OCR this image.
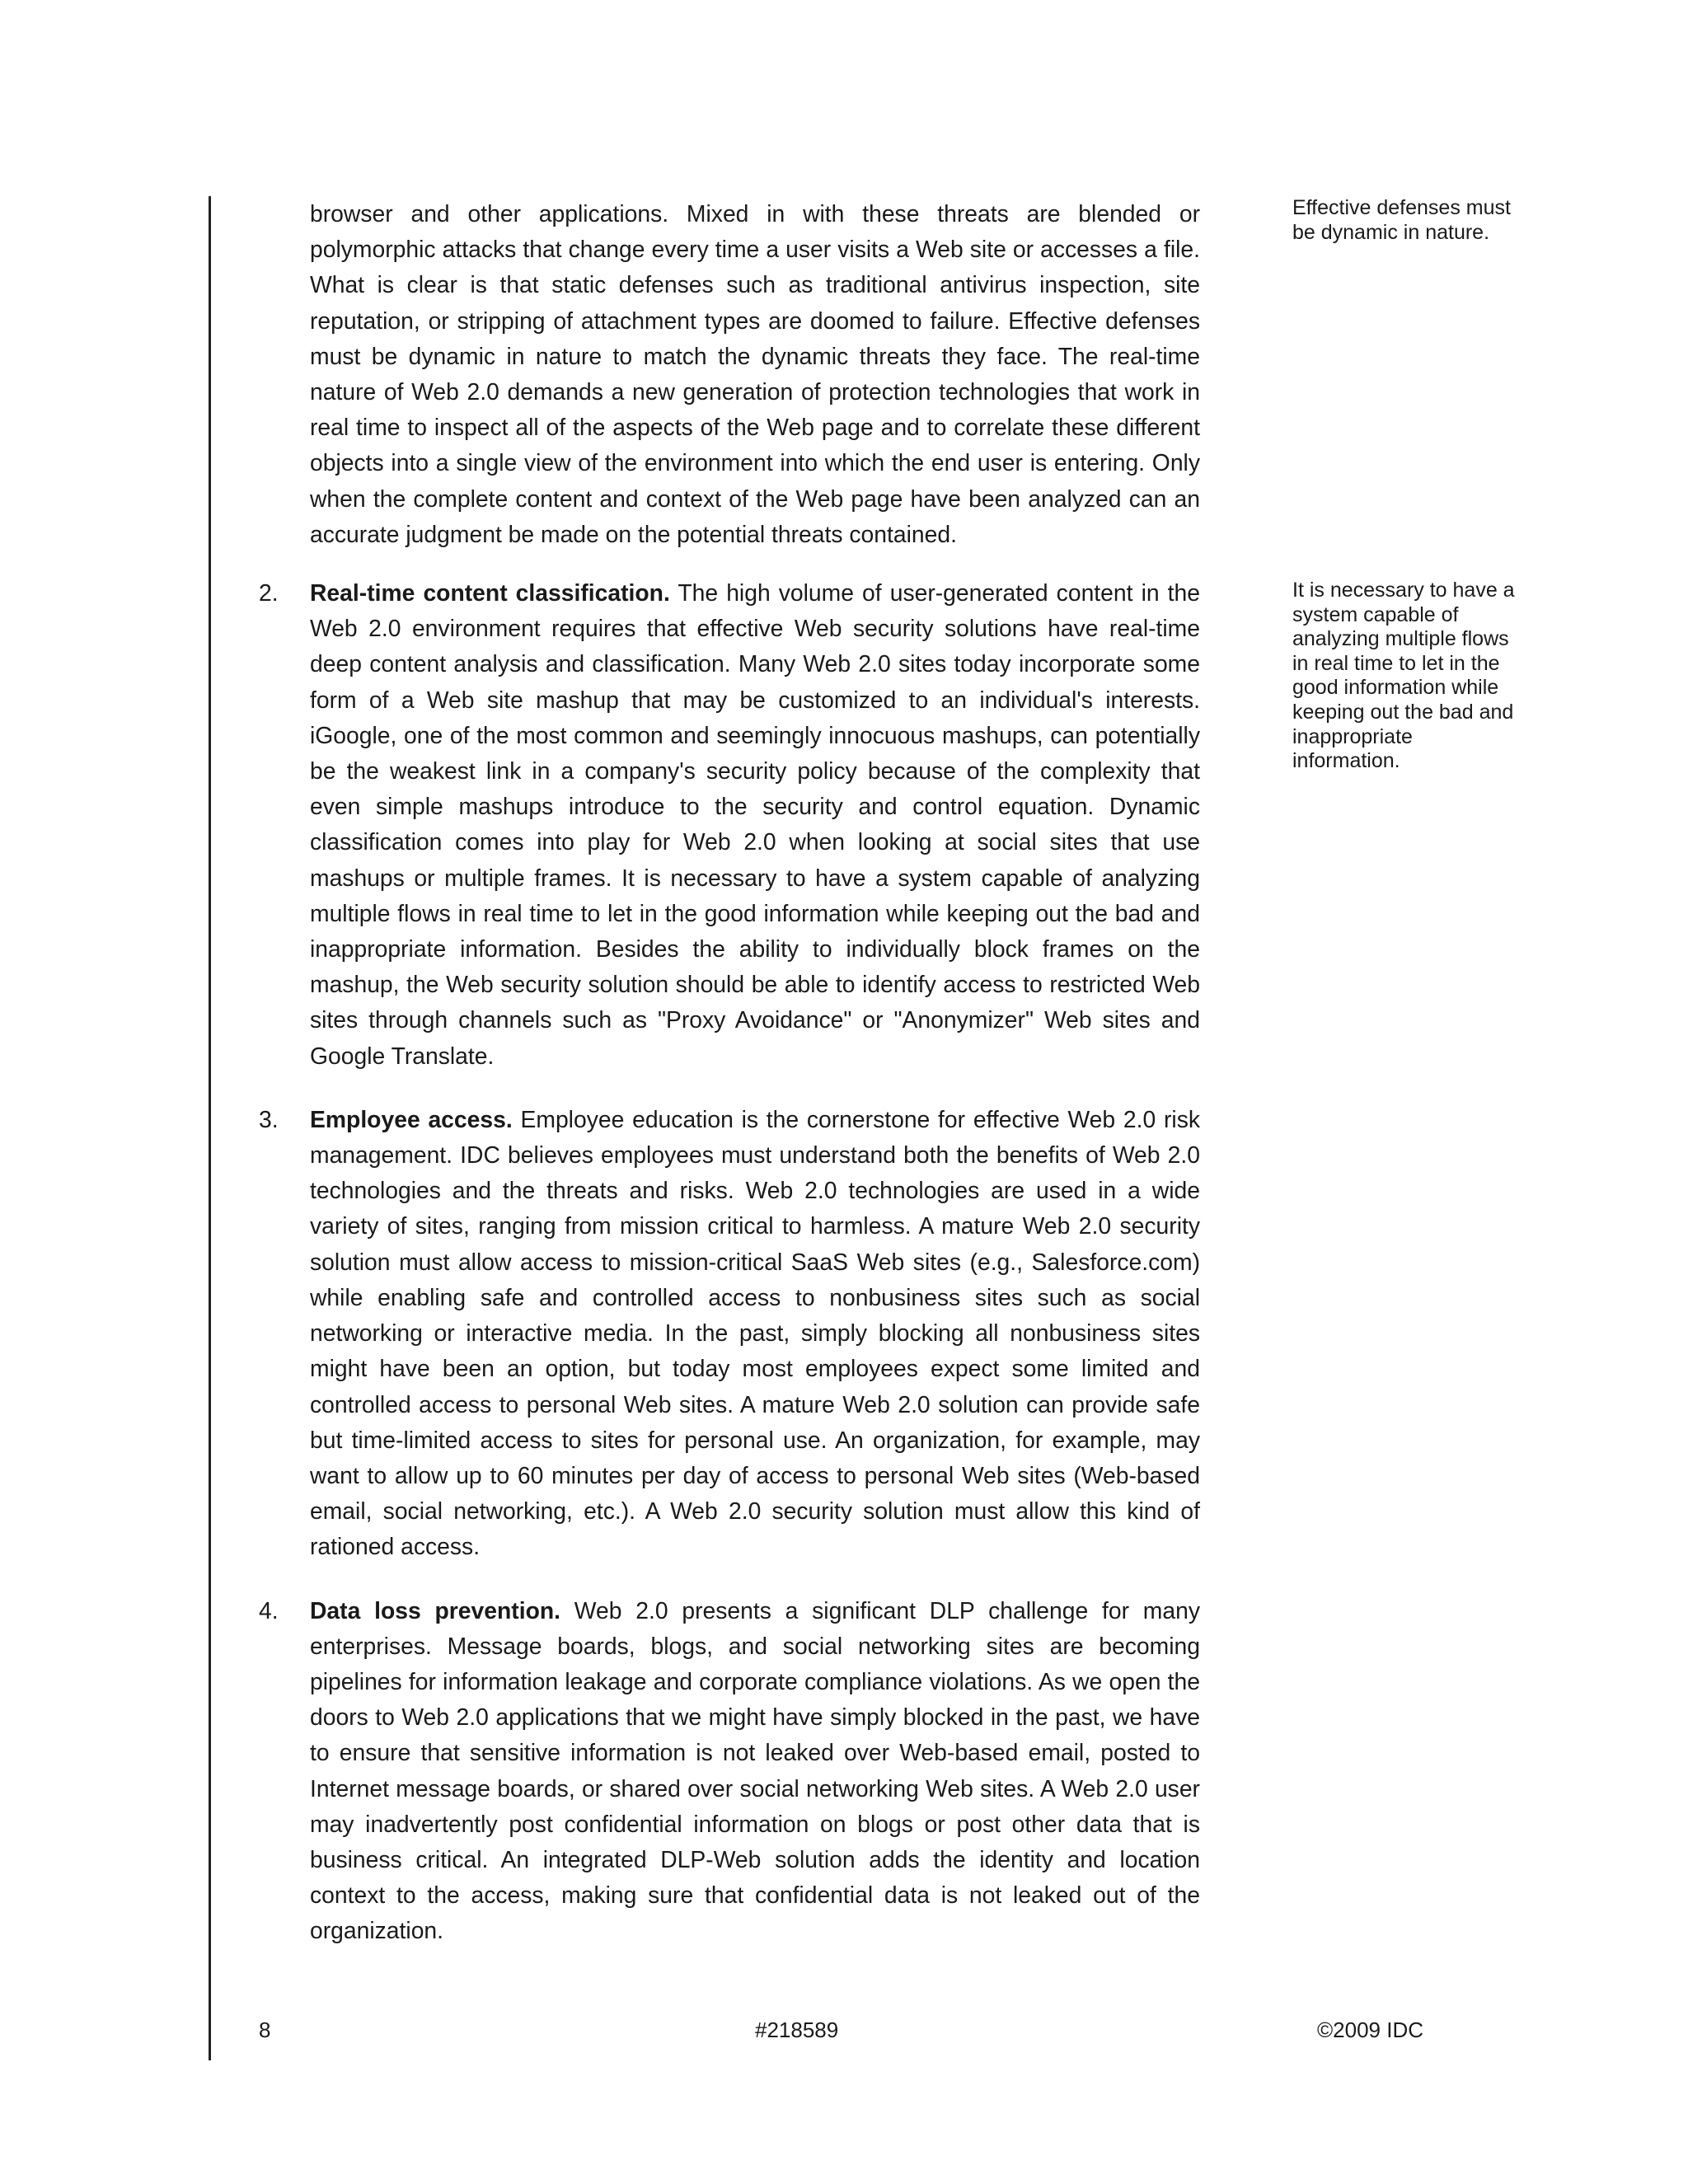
browser and other applications. Mixed in with these threats are blended or polymorphic attacks that change every time a user visits a Web site or accesses a file. What is clear is that static defenses such as traditional antivirus inspection, site reputation, or stripping of attachment types are doomed to failure. Effective defenses must be dynamic in nature to match the dynamic threats they face. The real-time nature of Web 2.0 demands a new generation of protection technologies that work in real time to inspect all of the aspects of the Web page and to correlate these different objects into a single view of the environment into which the end user is entering. Only when the complete content and context of the Web page have been analyzed can an accurate judgment be made on the potential threats contained.

2. Real-time content classification. The high volume of user-generated content in the Web 2.0 environment requires that effective Web security solutions have real-time deep content analysis and classification. Many Web 2.0 sites today incorporate some form of a Web site mashup that may be customized to an individual's interests. iGoogle, one of the most common and seemingly innocuous mashups, can potentially be the weakest link in a company's security policy because of the complexity that even simple mashups introduce to the security and control equation. Dynamic classification comes into play for Web 2.0 when looking at social sites that use mashups or multiple frames. It is necessary to have a system capable of analyzing multiple flows in real time to let in the good information while keeping out the bad and inappropriate information. Besides the ability to individually block frames on the mashup, the Web security solution should be able to identify access to restricted Web sites through channels such as "Proxy Avoidance" or "Anonymizer" Web sites and Google Translate.

3. Employee access. Employee education is the cornerstone for effective Web 2.0 risk management. IDC believes employees must understand both the benefits of Web 2.0 technologies and the threats and risks. Web 2.0 technologies are used in a wide variety of sites, ranging from mission critical to harmless. A mature Web 2.0 security solution must allow access to mission-critical SaaS Web sites (e.g., Salesforce.com) while enabling safe and controlled access to nonbusiness sites such as social networking or interactive media. In the past, simply blocking all nonbusiness sites might have been an option, but today most employees expect some limited and controlled access to personal Web sites. A mature Web 2.0 solution can provide safe but time-limited access to sites for personal use. An organization, for example, may want to allow up to 60 minutes per day of access to personal Web sites (Web-based email, social networking, etc.). A Web 2.0 security solution must allow this kind of rationed access.

4. Data loss prevention. Web 2.0 presents a significant DLP challenge for many enterprises. Message boards, blogs, and social networking sites are becoming pipelines for information leakage and corporate compliance violations. As we open the doors to Web 2.0 applications that we might have simply blocked in the past, we have to ensure that sensitive information is not leaked over Web-based email, posted to Internet message boards, or shared over social networking Web sites. A Web 2.0 user may inadvertently post confidential information on blogs or post other data that is business critical. An integrated DLP-Web solution adds the identity and location context to the access, making sure that confidential data is not leaked out of the organization.

Effective defenses must be dynamic in nature.

It is necessary to have a system capable of analyzing multiple flows in real time to let in the good information while keeping out the bad and inappropriate information.

8	#218589	©2009 IDC
